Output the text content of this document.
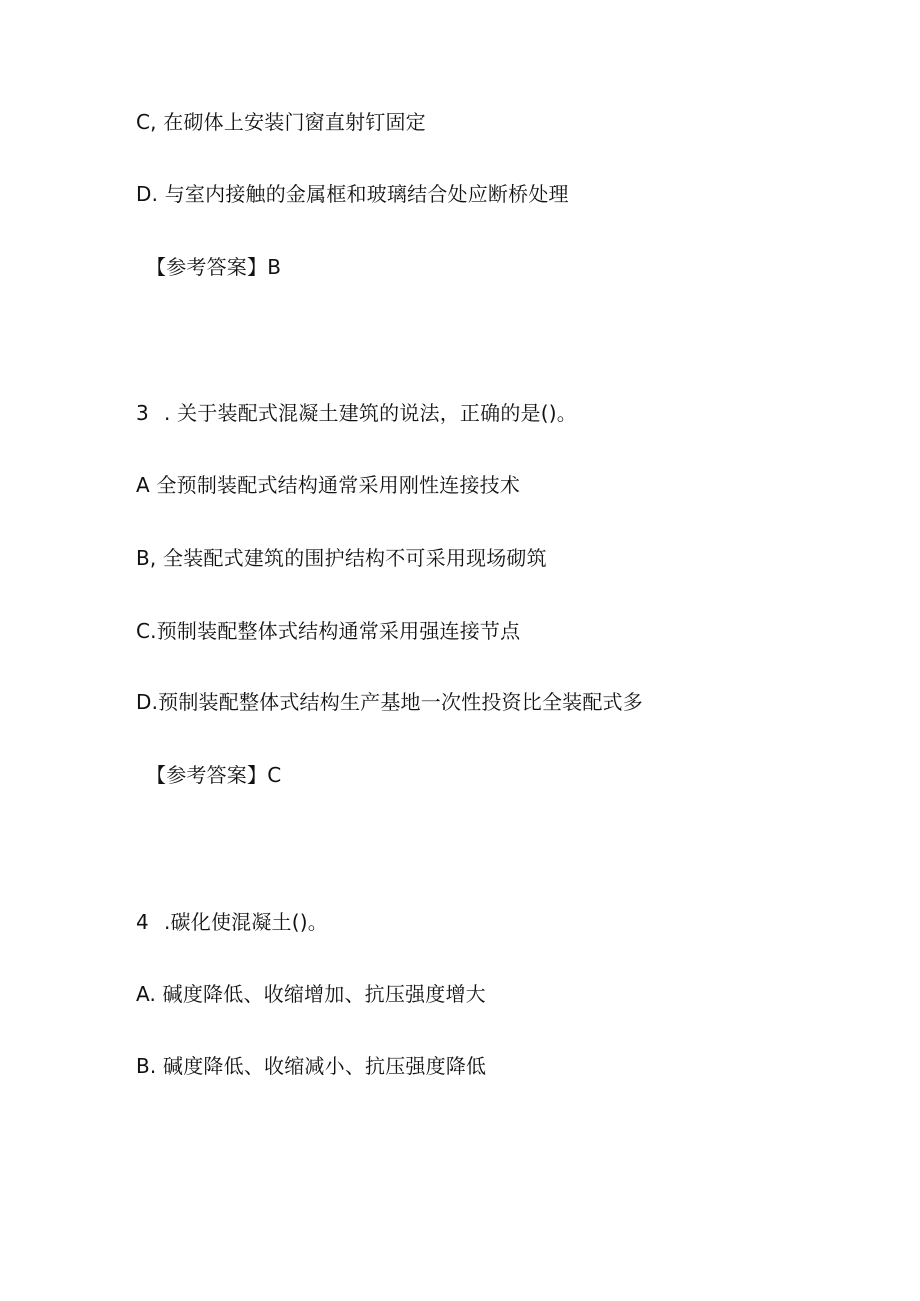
C, 在砌体上安装门窗直射钉固定
D. 与室内接触的金属框和玻璃结合处应断桥处理
【参考答案】B
3 . 关于装配式混凝土建筑的说法，正确的是()。
A 全预制装配式结构通常采用刚性连接技术
B, 全装配式建筑的围护结构不可采用现场砌筑
C.预制装配整体式结构通常采用强连接节点
D.预制装配整体式结构生产基地一次性投资比全装配式多
【参考答案】C
4 .碳化使混凝土()。
A. 碱度降低、收缩增加、抗压强度增大
B. 碱度降低、收缩减小、抗压强度降低
